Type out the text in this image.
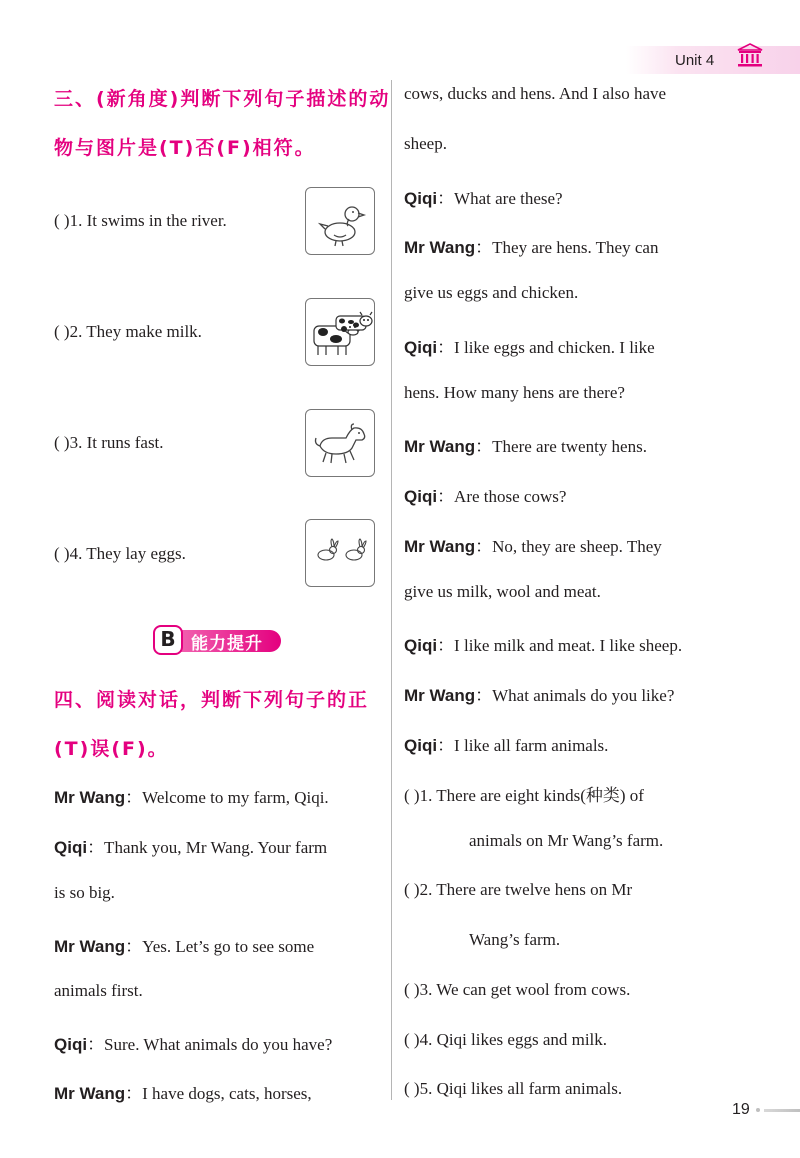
Unit 4
三、(新角度)判断下列句子描述的动
物与图片是(T)否(F)相符。
( )1. It swims in the river.
( )2. They make milk.
( )3. It runs fast.
( )4. They lay eggs.
B 能力提升
四、阅读对话，判断下列句子的正
(T)误(F)。
Mr Wang：Welcome to my farm, Qiqi.
Qiqi：Thank you, Mr Wang. Your farm
is so big.
Mr Wang：Yes. Let’s go to see some
animals first.
Qiqi：Sure. What animals do you have?
Mr Wang：I have dogs, cats, horses,
cows, ducks and hens. And I also have
sheep.
Qiqi：What are these?
Mr Wang：They are hens. They can
give us eggs and chicken.
Qiqi：I like eggs and chicken. I like
hens. How many hens are there?
Mr Wang：There are twenty hens.
Qiqi：Are those cows?
Mr Wang：No, they are sheep. They
give us milk, wool and meat.
Qiqi：I like milk and meat. I like sheep.
Mr Wang：What animals do you like?
Qiqi：I like all farm animals.
( )1. There are eight kinds(种类) of
animals on Mr Wang’s farm.
( )2. There are twelve hens on Mr
Wang’s farm.
( )3. We can get wool from cows.
( )4. Qiqi likes eggs and milk.
( )5. Qiqi likes all farm animals.
19
